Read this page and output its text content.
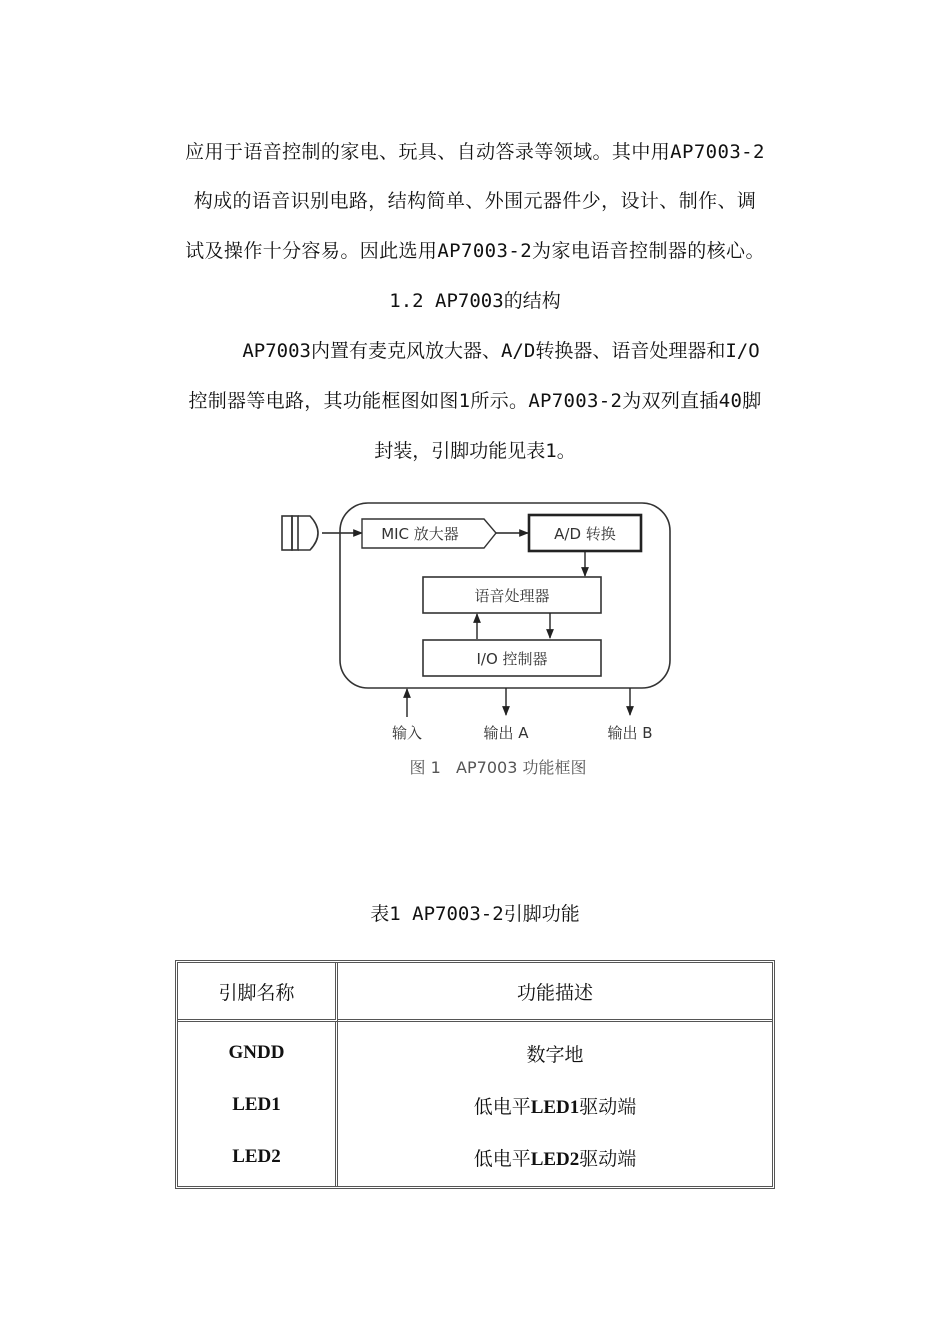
应用于语音控制的家电、玩具、自动答录等领域。其中用AP7003-2
构成的语音识别电路，结构简单、外围元器件少，设计、制作、调
试及操作十分容易。因此选用AP7003-2为家电语音控制器的核心。
1.2 AP7003的结构
AP7003内置有麦克风放大器、A/D转换器、语音处理器和I/O
控制器等电路，其功能框图如图1所示。AP7003-2为双列直插40脚
封装，引脚功能见表1。
MIC 放大器	A/D 转换
语音处理器
I/O 控制器
输入	输出 A	输出 B
图 1   AP7003 功能框图
表1 AP7003-2引脚功能
引脚名称	功能描述
GNDD	数字地
LED1	低电平LED1驱动端
LED2	低电平LED2驱动端
